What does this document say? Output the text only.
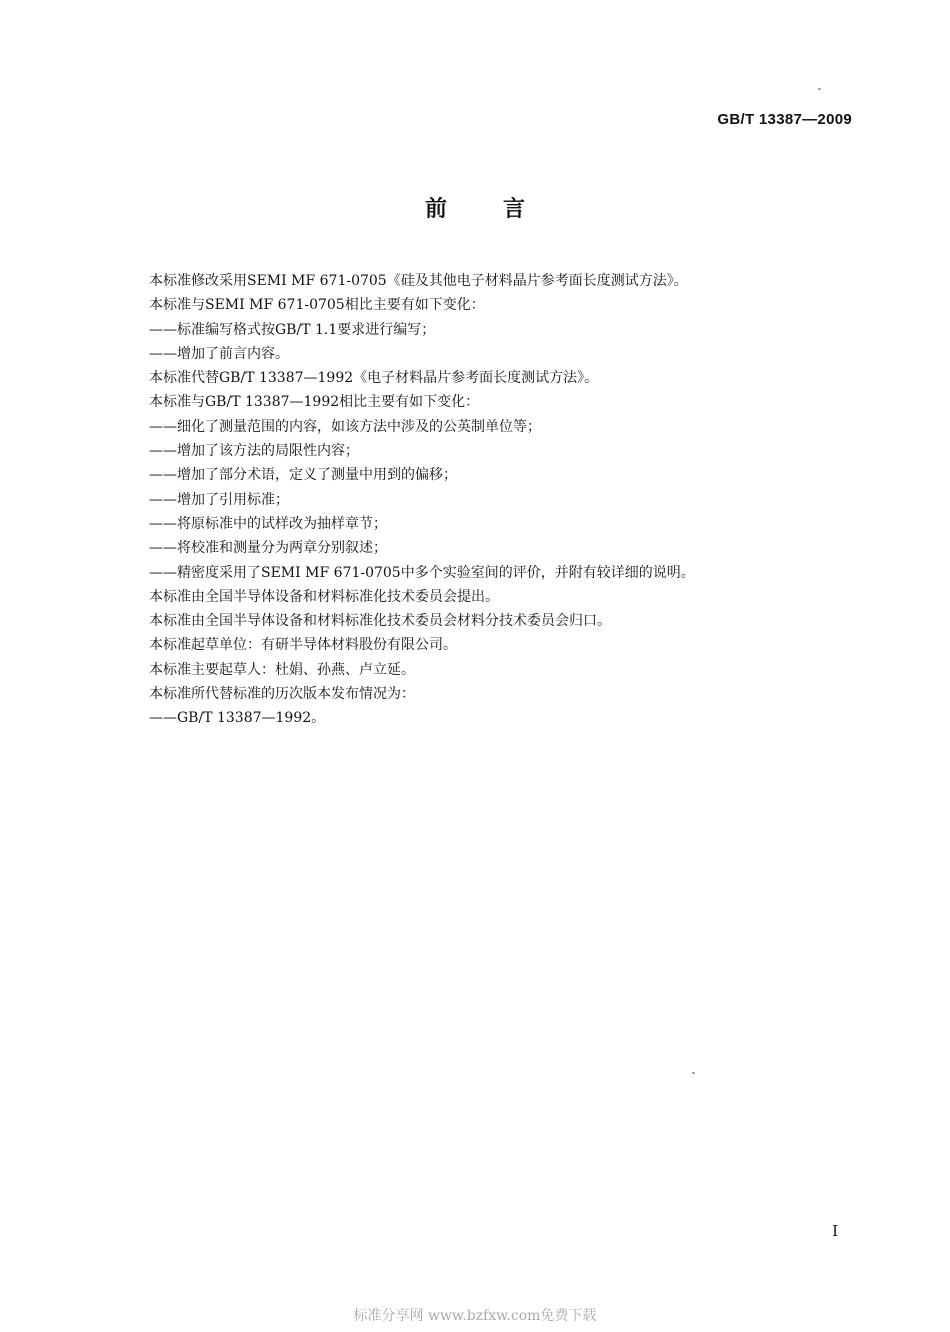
GB/T 13387—2009
前	言
本标准修改采用SEMI MF 671-0705《硅及其他电子材料晶片参考面长度测试方法》。
本标准与SEMI MF 671-0705相比主要有如下变化：
——标准编写格式按GB/T 1.1要求进行编写；
——增加了前言内容。
本标准代替GB/T 13387—1992《电子材料晶片参考面长度测试方法》。
本标准与GB/T 13387—1992相比主要有如下变化：
——细化了测量范围的内容，如该方法中涉及的公英制单位等；
——增加了该方法的局限性内容；
——增加了部分术语，定义了测量中用到的偏移；
——增加了引用标准；
——将原标准中的试样改为抽样章节；
——将校准和测量分为两章分别叙述；
——精密度采用了SEMI MF 671-0705中多个实验室间的评价，并附有较详细的说明。
本标准由全国半导体设备和材料标准化技术委员会提出。
本标准由全国半导体设备和材料标准化技术委员会材料分技术委员会归口。
本标准起草单位：有研半导体材料股份有限公司。
本标准主要起草人：杜娟、孙燕、卢立延。
本标准所代替标准的历次版本发布情况为：
——GB/T 13387—1992。
I
标准分享网 www.bzfxw.com免费下载
